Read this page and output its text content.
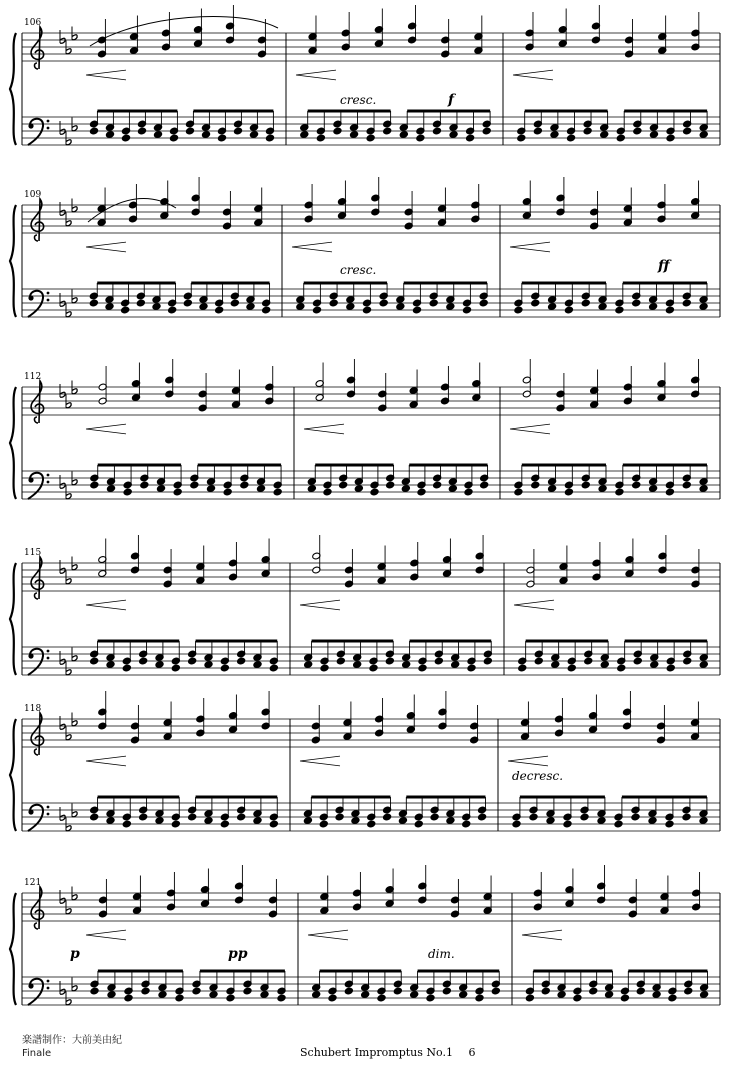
106
cresc.	f
109
cresc.	ff
112
115
118
decresc.
121
p	pp	dim.
楽譜制作：大前美由紀
Finale	Schubert Impromptus No.1 6
